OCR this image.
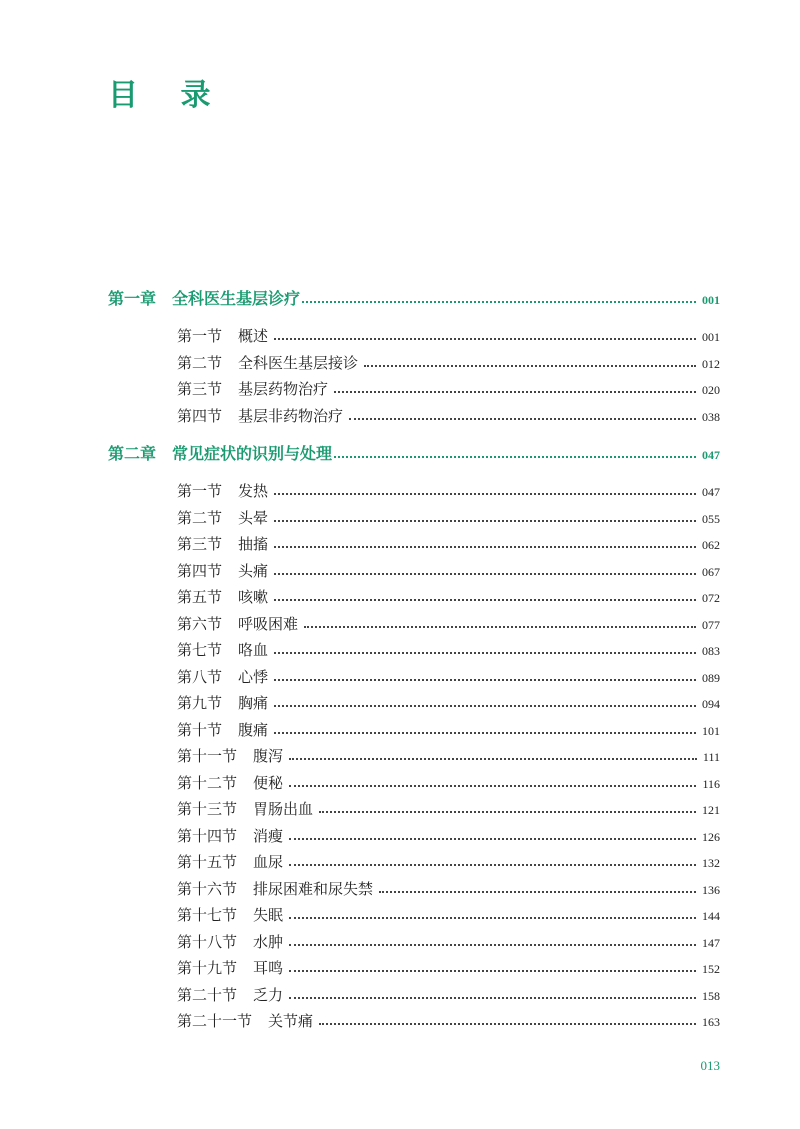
目 录
第一章 全科医生基层诊疗	001
第一节 概述	001
第二节 全科医生基层接诊	012
第三节 基层药物治疗	020
第四节 基层非药物治疗	038
第二章 常见症状的识别与处理	047
第一节 发热	047
第二节 头晕	055
第三节 抽搐	062
第四节 头痛	067
第五节 咳嗽	072
第六节 呼吸困难	077
第七节 咯血	083
第八节 心悸	089
第九节 胸痛	094
第十节 腹痛	101
第十一节 腹泻	111
第十二节 便秘	116
第十三节 胃肠出血	121
第十四节 消瘦	126
第十五节 血尿	132
第十六节 排尿困难和尿失禁	136
第十七节 失眠	144
第十八节 水肿	147
第十九节 耳鸣	152
第二十节 乏力	158
第二十一节 关节痛	163
013
